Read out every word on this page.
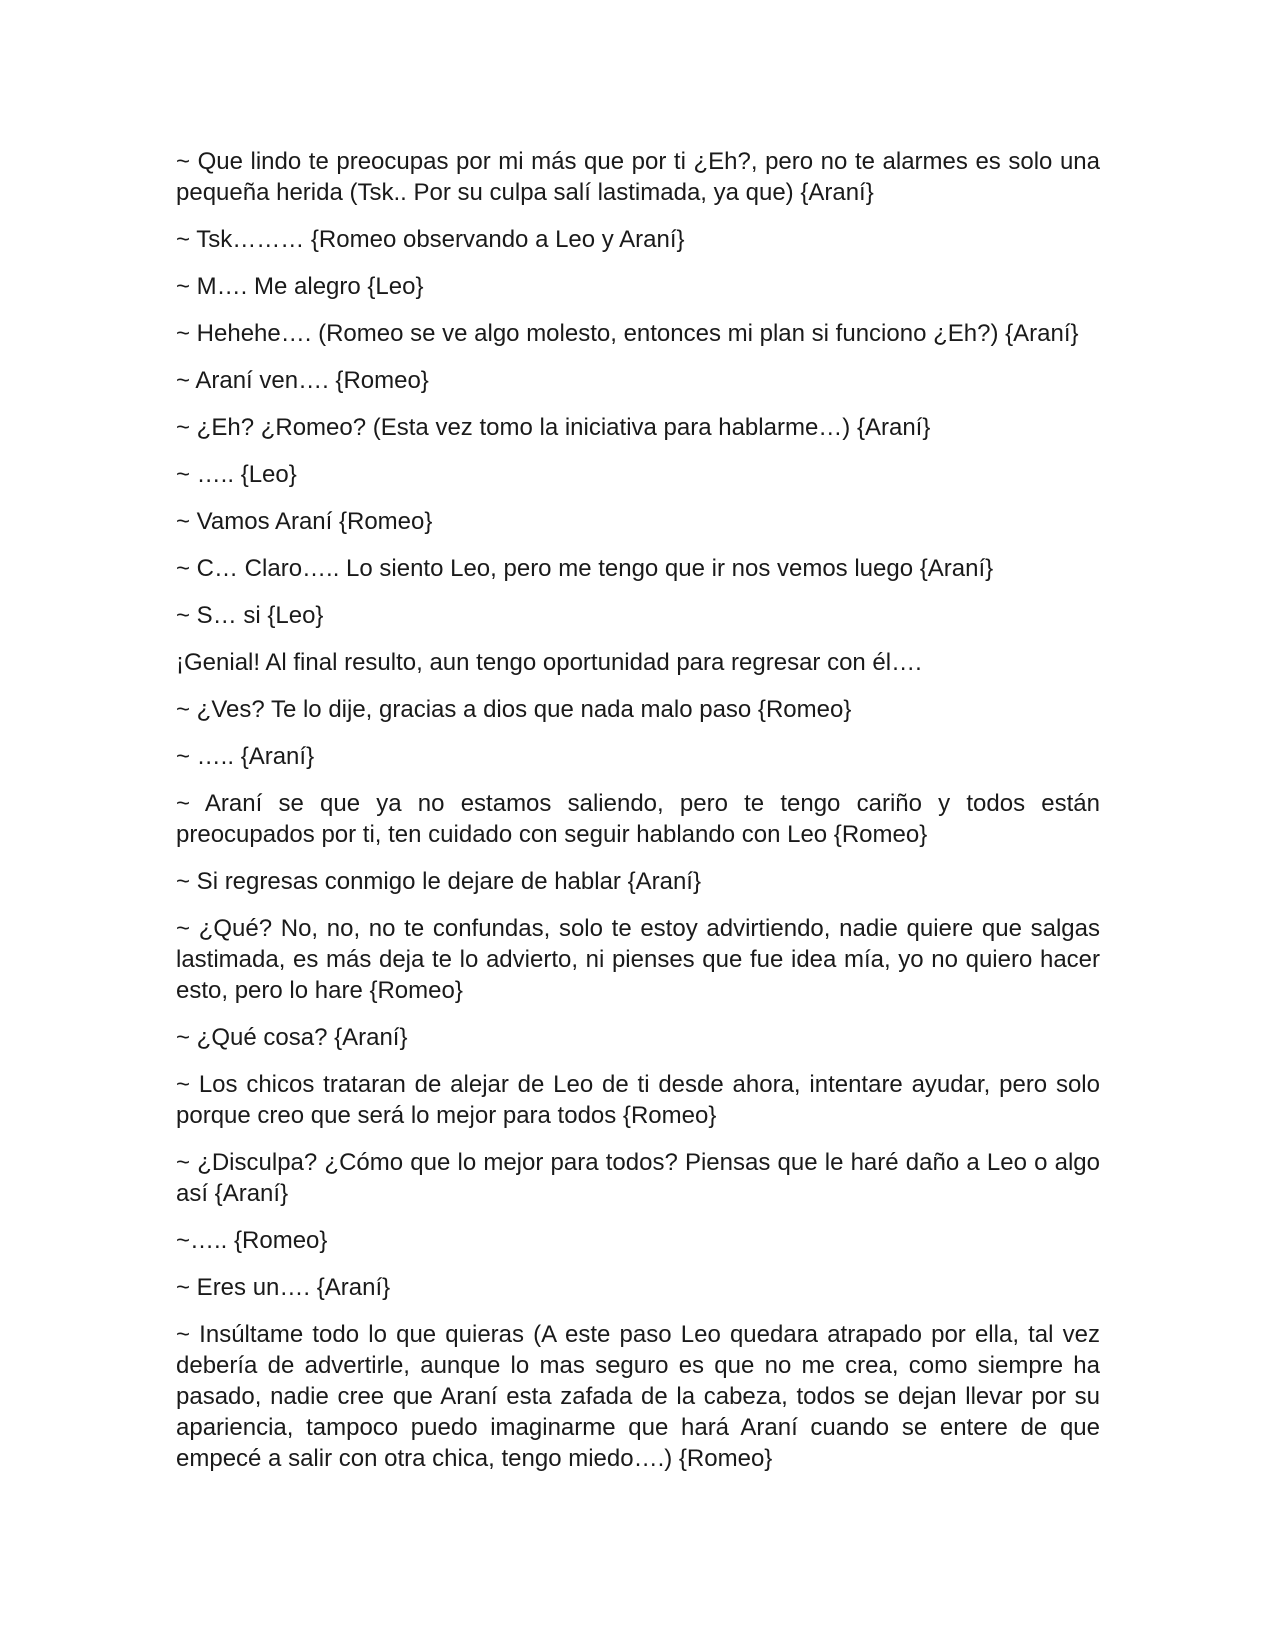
~ Que lindo te preocupas por mi más que por ti ¿Eh?, pero no te alarmes es solo una pequeña herida (Tsk.. Por su culpa salí lastimada, ya que) {Araní}

~ Tsk……… {Romeo observando a Leo y Araní}

~ M…. Me alegro {Leo}

~ Hehehe…. (Romeo se ve algo molesto, entonces mi plan si funciono ¿Eh?) {Araní}

~ Araní ven…. {Romeo}

~ ¿Eh? ¿Romeo? (Esta vez tomo la iniciativa para hablarme…) {Araní}

~ ….. {Leo}

~ Vamos Araní {Romeo}

~ C… Claro….. Lo siento Leo, pero me tengo que ir nos vemos luego {Araní}

~ S… si {Leo}

¡Genial! Al final resulto, aun tengo oportunidad para regresar con él….

~ ¿Ves? Te lo dije, gracias a dios que nada malo paso {Romeo}

~ ….. {Araní}

~ Araní se que ya no estamos saliendo, pero te tengo cariño y todos están preocupados por ti, ten cuidado con seguir hablando con Leo {Romeo}

~ Si regresas conmigo le dejare de hablar {Araní}

~ ¿Qué? No, no, no te confundas, solo te estoy advirtiendo, nadie quiere que salgas lastimada, es más deja te lo advierto, ni pienses que fue idea mía, yo no quiero hacer esto, pero lo hare {Romeo}

~ ¿Qué cosa? {Araní}

~ Los chicos trataran de alejar de Leo de ti desde ahora, intentare ayudar, pero solo porque creo que será lo mejor para todos {Romeo}

~ ¿Disculpa? ¿Cómo que lo mejor para todos? Piensas que le haré daño a Leo o algo así {Araní}

~….. {Romeo}

~ Eres un…. {Araní}

~ Insúltame todo lo que quieras (A este paso Leo quedara atrapado por ella, tal vez debería de advertirle, aunque lo mas seguro es que no me crea, como siempre ha pasado, nadie cree que Araní esta zafada de la cabeza, todos se dejan llevar por su apariencia, tampoco puedo imaginarme que hará Araní cuando se entere de que empecé a salir con otra chica, tengo miedo….) {Romeo}
